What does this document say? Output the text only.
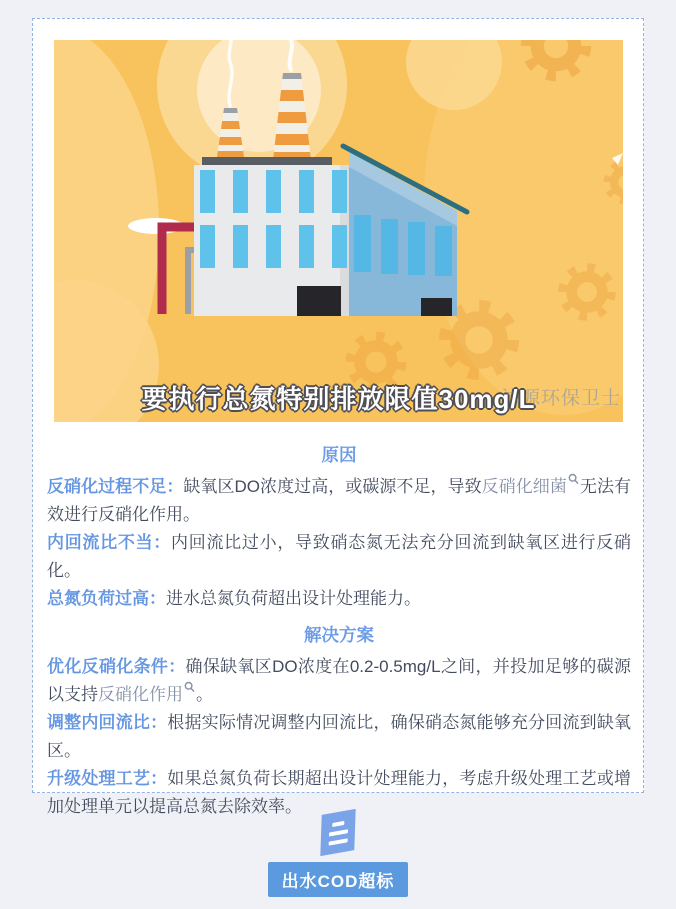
滤源环保卫士
要执行总氮特别排放限值30mg/L
原因

反硝化过程不足：缺氧区DO浓度过高，或碳源不足，导致反硝化细菌 无法有效进行反硝化作用。

内回流比不当：内回流比过小，导致硝态氮无法充分回流到缺氧区进行反硝化。

总氮负荷过高：进水总氮负荷超出设计处理能力。

解决方案

优化反硝化条件：确保缺氧区DO浓度在0.2-0.5mg/L之间，并投加足够的碳源以支持反硝化作用 。

调整内回流比：根据实际情况调整内回流比，确保硝态氮能够充分回流到缺氧区。

升级处理工艺：如果总氮负荷长期超出设计处理能力，考虑升级处理工艺或增加处理单元以提高总氮去除效率。

出水COD超标
